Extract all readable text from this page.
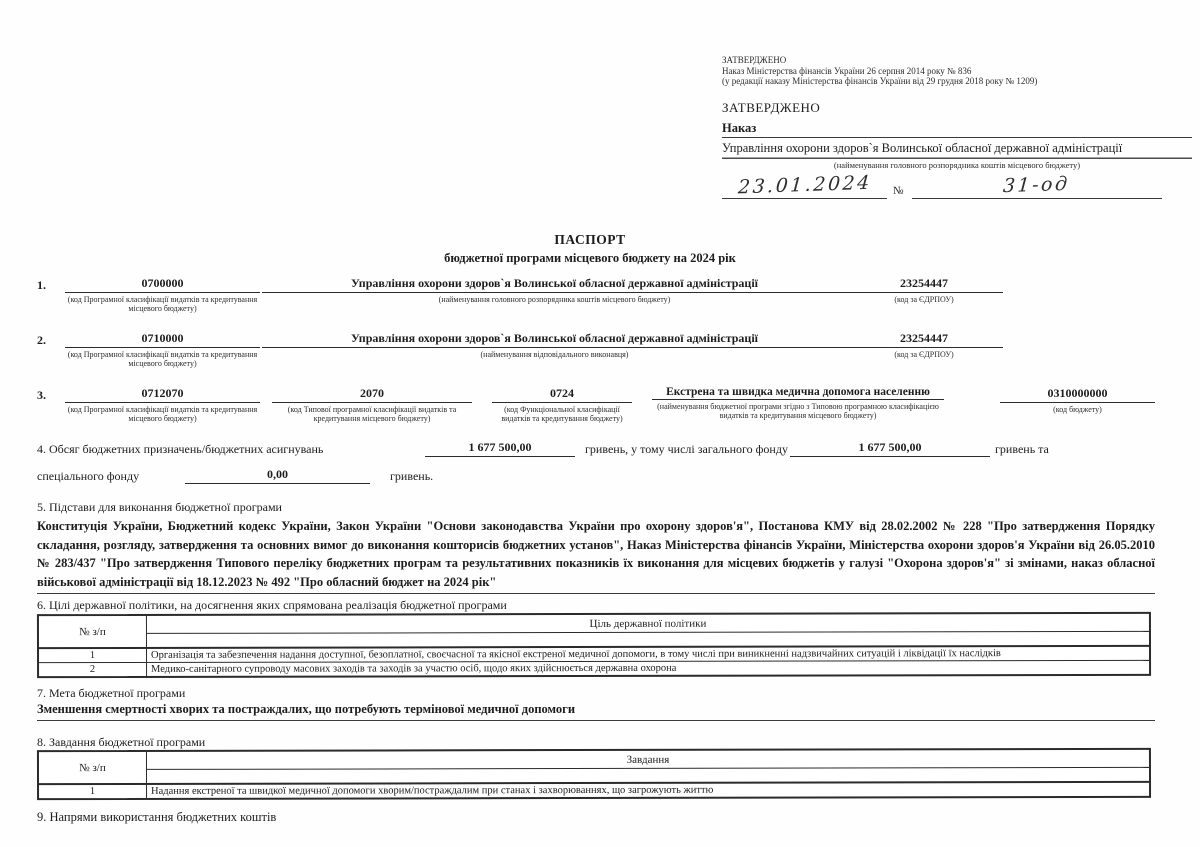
ЗАТВЕРДЖЕНО
Наказ Міністерства фінансів України 26 серпня 2014 року № 836
(у редакції наказу Міністерства фінансів України від 29 грудня 2018 року № 1209)
ЗАТВЕРДЖЕНО
Наказ
Управління охорони здоров`я Волинської обласної державної адміністрації
(найменування головного розпорядника коштів місцевого бюджету)
23.01.2024	№	31-од
ПАСПОРТ
бюджетної програми місцевого бюджету на 2024 рік
1.	0700000
(код Програмної класифікації видатків та кредитування місцевого бюджету)
Управління охорони здоров`я Волинської обласної державної адміністрації
(найменування головного розпорядника коштів місцевого бюджету)
23254447
(код за ЄДРПОУ)
2.	0710000
(код Програмної класифікації видатків та кредитування місцевого бюджету)
Управління охорони здоров`я Волинської обласної державної адміністрації
(найменування відповідального виконавця)
23254447
(код за ЄДРПОУ)
3.	0712070
(код Програмної класифікації видатків та кредитування місцевого бюджету)
2070
(код Типової програмної класифікації видатків та кредитування місцевого бюджету)
0724
(код Функціональної класифікації видатків та кредитування бюджету)
Екстрена та швидка медична допомога населенню
(найменування бюджетної програми згідно з Типовою програмною класифікацією видатків та кредитування місцевого бюджету)
0310000000
(код бюджету)
4. Обсяг бюджетних призначень/бюджетних асигнувань	1 677 500,00	гривень, у тому числі загального фонду	1 677 500,00	гривень та
спеціального фонду	0,00	гривень.
5. Підстави для виконання бюджетної програми
Конституція України, Бюджетний кодекс України, Закон України "Основи законодавства України про охорону здоров'я", Постанова КМУ від 28.02.2002 № 228 "Про затвердження Порядку складання, розгляду, затвердження та основних вимог до виконання кошторисів бюджетних установ", Наказ Міністерства фінансів України, Міністерства охорони здоров'я України від 26.05.2010 № 283/437 "Про затвердження Типового переліку бюджетних програм та результативних показників їх виконання для місцевих бюджетів у галузі "Охорона здоров'я" зі змінами, наказ обласної військової адміністрації від 18.12.2023 № 492 "Про обласний бюджет на 2024 рік"
6. Цілі державної політики, на досягнення яких спрямована реалізація бюджетної програми
№ з/п
Ціль державної політики
1	Організація та забезпечення надання доступної, безоплатної, своєчасної та якісної екстреної медичної допомоги, в тому числі при виникненні надзвичайних ситуацій і ліквідації їх наслідків
2	Медико-санітарного супроводу масових заходів та заходів за участю осіб, щодо яких здійснюється державна охорона
7. Мета бюджетної програми
Зменшення смертності хворих та постраждалих, що потребують термінової медичної допомоги
8. Завдання бюджетної програми
№ з/п
Завдання
1	Надання екстреної та швидкої медичної допомоги хворим/постраждалим при станах і захворюваннях, що загрожують життю
9. Напрями використання бюджетних коштів
